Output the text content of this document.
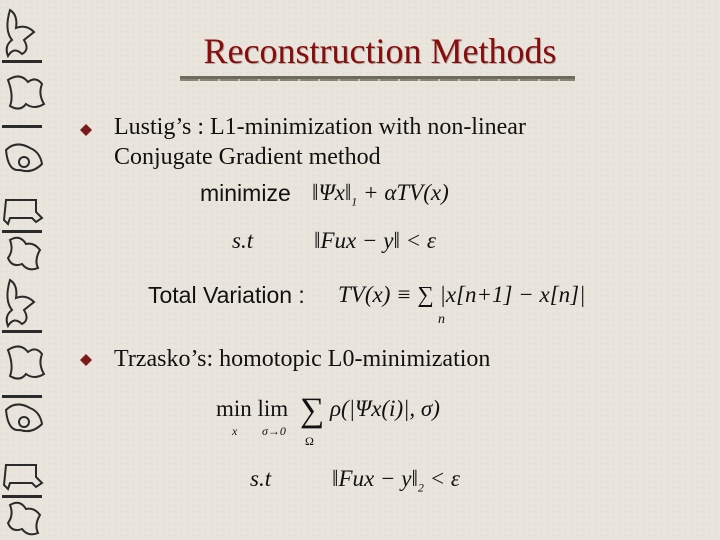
Reconstruction Methods
Lustig’s : L1-minimization with non-linear
Conjugate Gradient method
minimize $‖\Psi x‖_1 + \alpha TV(x)$
s.t	‖Fux − y‖ < ε
Total Variation : TV(x) ≡ ∑ |x[n+1] − x[n]|
n
Trzasko’s: homotopic L0-minimization
min lim
x σ→0
∑
Ω
ρ(|Ψx(i)|, σ)
s.t	‖Fux − $y‖_2 < \varepsilon$
